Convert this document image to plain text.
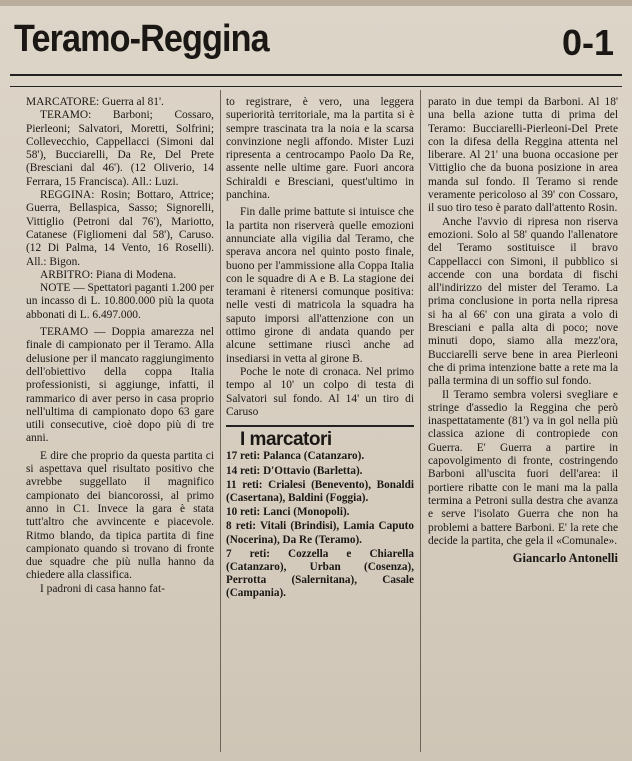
Teramo-Reggina	0-1

MARCATORE: Guerra al 81'.

TERAMO: Barboni; Cossaro, Pierleoni; Salvatori, Moretti, Solfrini; Collevecchio, Cappellacci (Simoni dal 58'), Bucciarelli, Da Re, Del Prete (Bresciani dal 46'). (12 Oliverio, 14 Ferrara, 15 Francisca). All.: Luzi.

REGGINA: Rosin; Bottaro, Attrice; Guerra, Bellaspica, Sasso; Signorelli, Vittiglio (Petroni dal 76'), Mariotto, Catanese (Figliomeni dal 58'), Caruso. (12 Di Palma, 14 Vento, 16 Roselli). All.: Bigon.

ARBITRO: Piana di Modena.

NOTE — Spettatori paganti 1.200 per un incasso di L. 10.800.000 più la quota abbonati di L. 6.497.000.

TERAMO — Doppia amarezza nel finale di campionato per il Teramo. Alla delusione per il mancato raggiungimento dell'obiettivo della coppa Italia professionisti, si aggiunge, infatti, il rammarico di aver perso in casa proprio nell'ultima di campionato dopo 63 gare utili consecutive, cioè dopo più di tre anni.

E dire che proprio da questa partita ci si aspettava quel risultato positivo che avrebbe suggellato il magnifico campionato dei biancorossi, al primo anno in C1. Invece la gara è stata tutt'altro che avvincente e piacevole. Ritmo blando, da tipica partita di fine campionato quando si trovano di fronte due squadre che più nulla hanno da chiedere alla classifica.

I padroni di casa hanno fat-

to registrare, è vero, una leggera superiorità territoriale, ma la partita si è sempre trascinata tra la noia e la scarsa convinzione negli affondo. Mister Luzi ripresenta a centrocampo Paolo Da Re, assente nelle ultime gare. Fuori ancora Schiraldi e Bresciani, quest'ultimo in panchina.

Fin dalle prime battute si intuisce che la partita non riserverà quelle emozioni annunciate alla vigilia dal Teramo, che sperava ancora nel quinto posto finale, buono per l'ammissione alla Coppa Italia con le squadre di A e B. La stagione dei teramani è ritenersi comunque positiva: nelle vesti di matricola la squadra ha saputo imporsi all'attenzione con un ottimo girone di andata quando per alcune settimane riuscì anche ad insediarsi in vetta al girone B.

Poche le note di cronaca. Nel primo tempo al 10' un colpo di testa di Salvatori sul fondo. Al 14' un tiro di Caruso

I marcatori

17 reti: Palanca (Catanzaro).

14 reti: D'Ottavio (Barletta).

11 reti: Crialesi (Benevento), Bonaldi (Casertana), Baldini (Foggia).

10 reti: Lanci (Monopoli).

8 reti: Vitali (Brindisi), Lamia Caputo (Nocerina), Da Re (Teramo).

7 reti: Cozzella e Chiarella (Catanzaro), Urban (Cosenza), Perrotta (Salernitana), Casale (Campania).

parato in due tempi da Barboni. Al 18' una bella azione tutta di prima del Teramo: Bucciarelli-Pierleoni-Del Prete con la difesa della Reggina attenta nel liberare. Al 21' una buona occasione per Vittiglio che da buona posizione in area manda sul fondo. Il Teramo si rende veramente pericoloso al 39' con Cossaro, il suo tiro teso è parato dall'attento Rosin.

Anche l'avvio di ripresa non riserva emozioni. Solo al 58' quando l'allenatore del Teramo sostituisce il bravo Cappellacci con Simoni, il pubblico si accende con una bordata di fischi all'indirizzo del mister del Teramo. La prima conclusione in porta nella ripresa si ha al 66' con una girata a volo di Bresciani e palla alta di poco; nove minuti dopo, siamo alla mezz'ora, Bucciarelli serve bene in area Pierleoni che di prima intenzione batte a rete ma la palla termina di un soffio sul fondo.

Il Teramo sembra volersi svegliare e stringe d'assedio la Reggina che però inaspettatamente (81') va in gol nella più classica azione di contropiede con Guerra. E' Guerra a partire in capovolgimento di fronte, costringendo Barboni all'uscita fuori dell'area: il portiere ribatte con le mani ma la palla termina a Petroni sulla destra che avanza e serve l'isolato Guerra che non ha problemi a battere Barboni. E' la rete che decide la partita, che gela il «Comunale».

Giancarlo Antonelli
